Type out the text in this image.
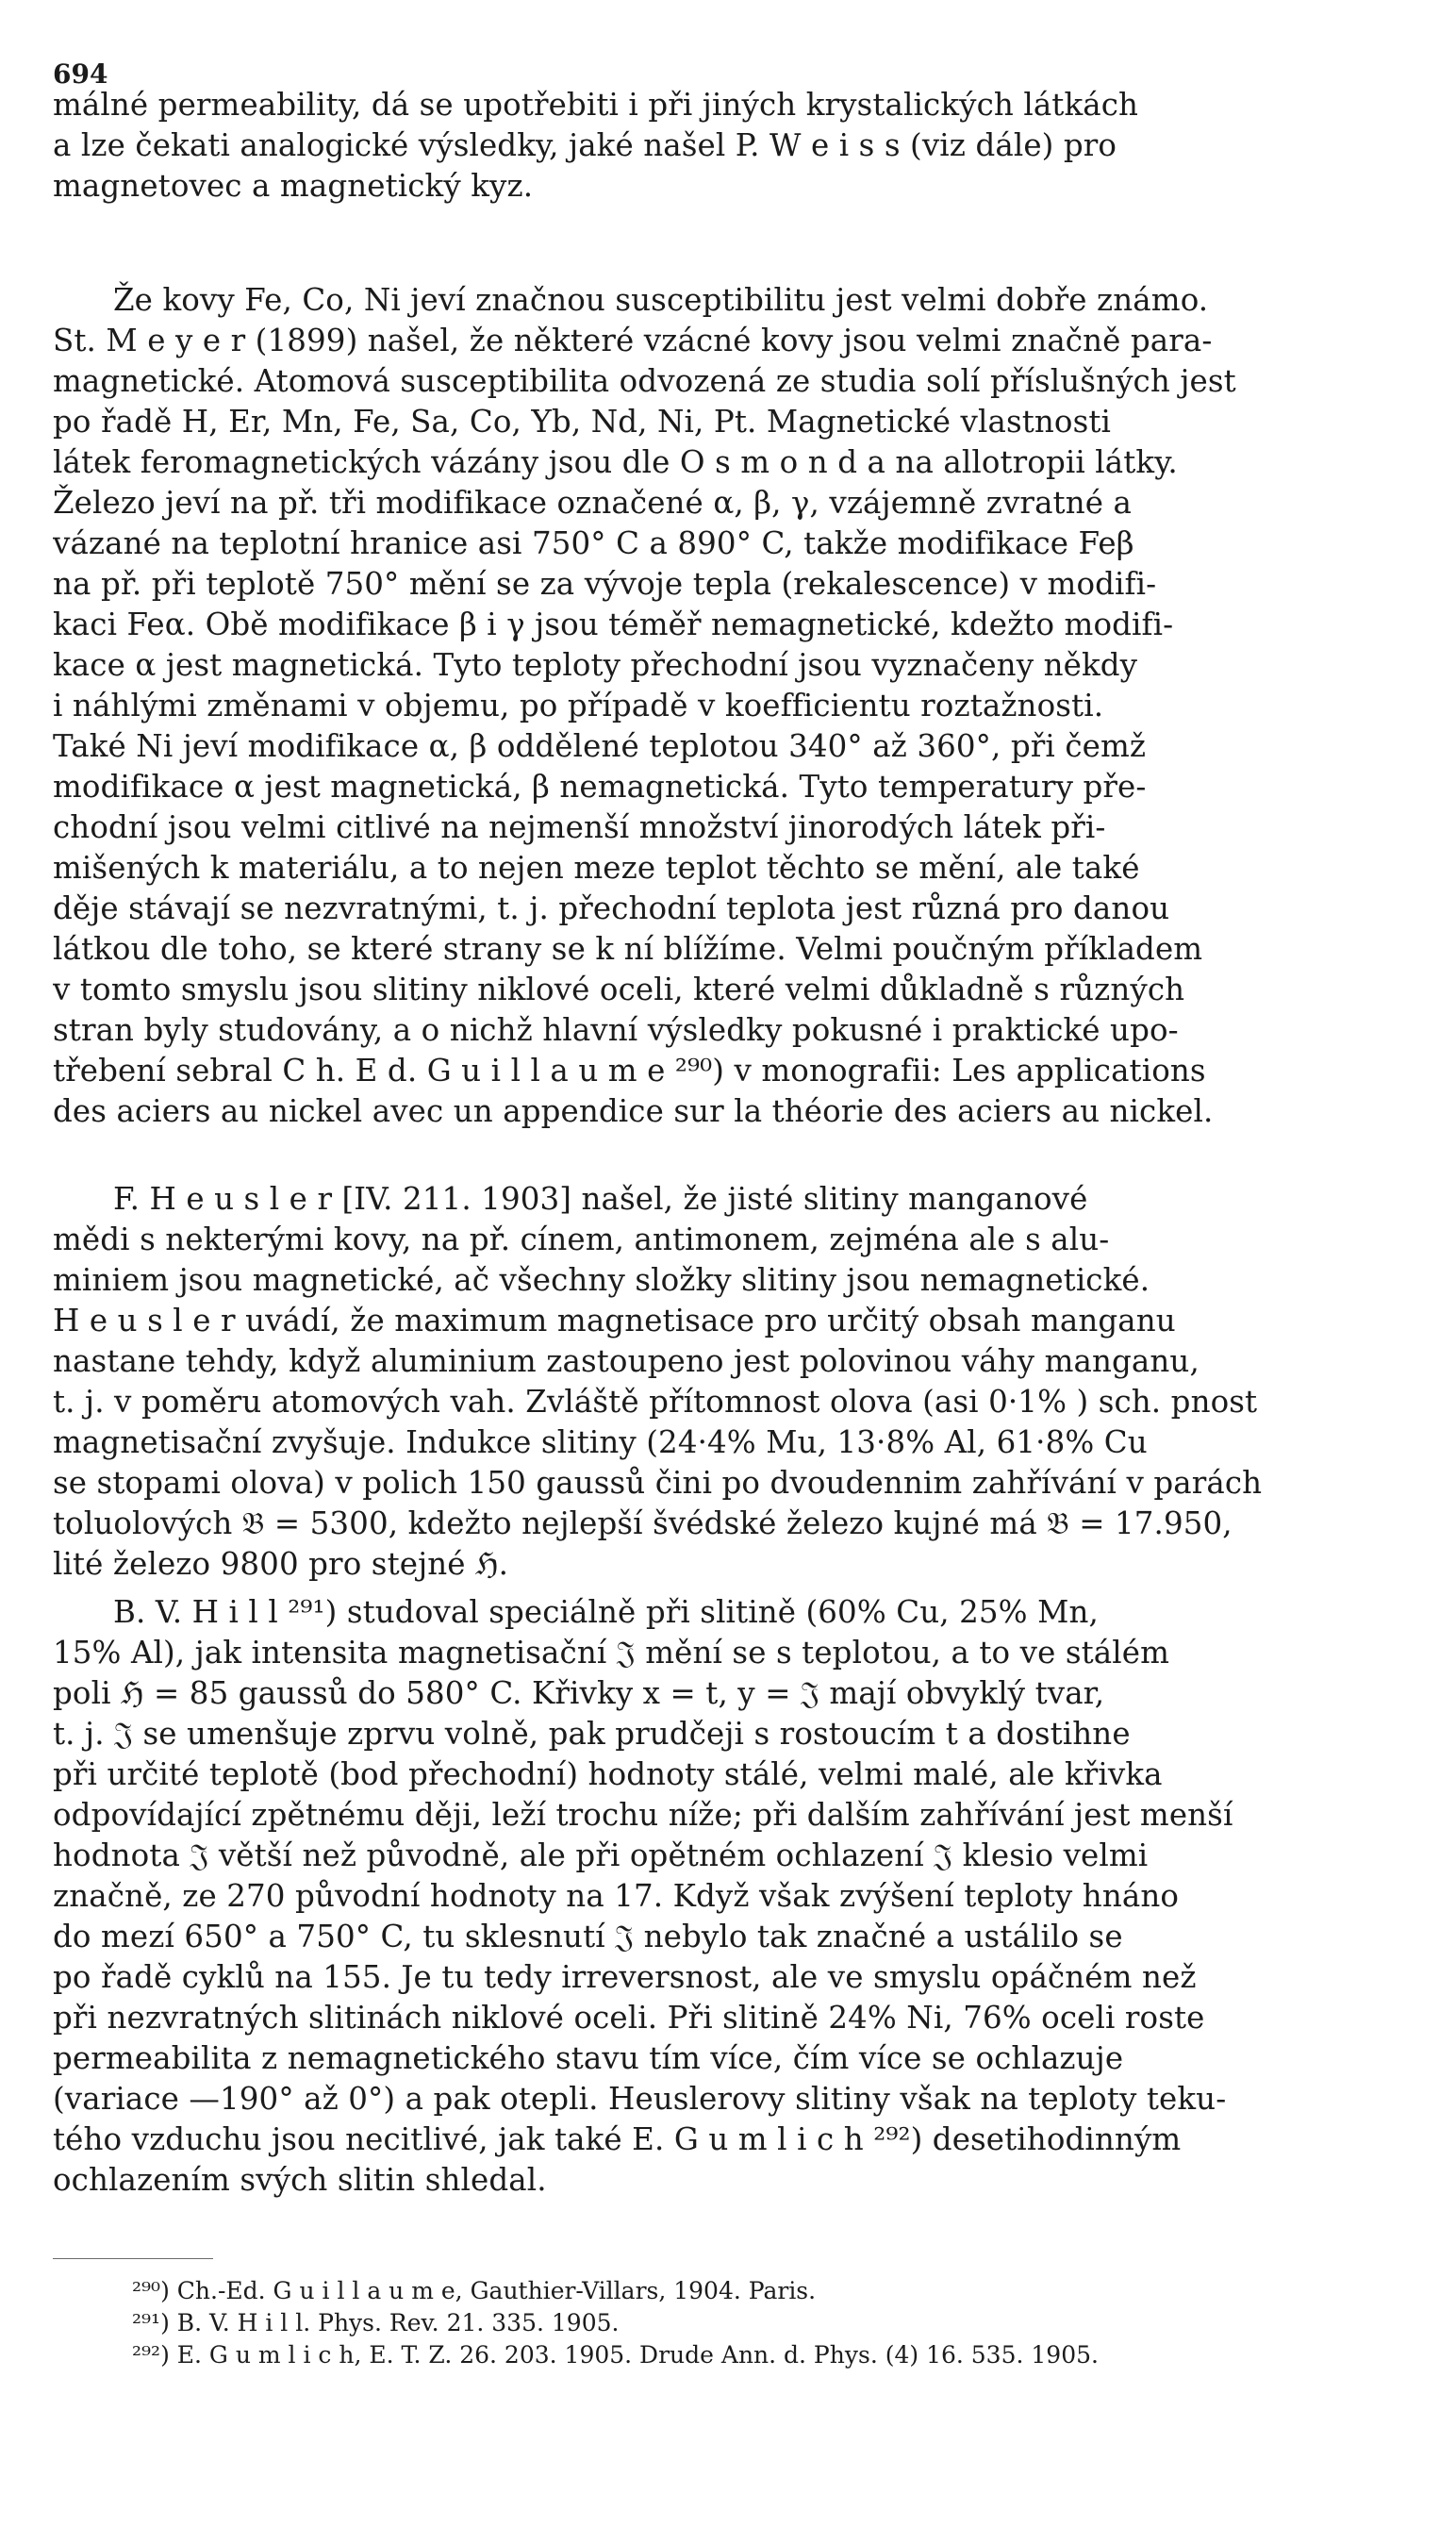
694
málné permeability, dá se upotřebiti i při jiných krystalických látkách
a lze čekati analogické výsledky, jaké našel P. W e i s s (viz dále) pro
magnetovec a magnetický kyz.
Že kovy Fe, Co, Ni jeví značnou susceptibilitu jest velmi dobře známo.
St. M e y e r (1899) našel, že některé vzácné kovy jsou velmi značně para-
magnetické. Atomová susceptibilita odvozená ze studia solí příslušných jest
po řadě H, Er, Mn, Fe, Sa, Co, Yb, Nd, Ni, Pt. Magnetické vlastnosti
látek feromagnetických vázány jsou dle O s m o n d a na allotropii látky.
Železo jeví na př. tři modifikace označené α, β, γ, vzájemně zvratné a
vázané na teplotní hranice asi 750° C a 890° C, takže modifikace Feβ
na př. při teplotě 750° mění se za vývoje tepla (rekalescence) v modifi-
kaci Feα. Obě modifikace β i γ jsou téměř nemagnetické, kdežto modifi-
kace α jest magnetická. Tyto teploty přechodní jsou vyznačeny někdy
i náhlými změnami v objemu, po případě v koefficientu roztažnosti.
Také Ni jeví modifikace α, β oddělené teplotou 340° až 360°, při čemž
modifikace α jest magnetická, β nemagnetická. Tyto temperatury pře-
chodní jsou velmi citlivé na nejmenší množství jinorodých látek při-
mišených k materiálu, a to nejen meze teplot těchto se mění, ale také
děje stávají se nezvratnými, t. j. přechodní teplota jest různá pro danou
látkou dle toho, se které strany se k ní blížíme. Velmi poučným příkladem
v tomto smyslu jsou slitiny niklové oceli, které velmi důkladně s různých
stran byly studovány, a o nichž hlavní výsledky pokusné i praktické upo-
třebení sebral C h. E d. G u i l l a u m e ²⁹⁰) v monografii: Les applications
des aciers au nickel avec un appendice sur la théorie des aciers au nickel.
F. H e u s l e r [IV. 211. 1903] našel, že jisté slitiny manganové
mědi s nekterými kovy, na př. cínem, antimonem, zejména ale s alu-
miniem jsou magnetické, ač všechny složky slitiny jsou nemagnetické.
H e u s l e r uvádí, že maximum magnetisace pro určitý obsah manganu
nastane tehdy, když aluminium zastoupeno jest polovinou váhy manganu,
t. j. v poměru atomových vah. Zvláště přítomnost olova (asi 0·1% ) sch. pnost
magnetisační zvyšuje. Indukce slitiny (24·4% Mu, 13·8% Al, 61·8% Cu
se stopami olova) v polich 150 gaussů čini po dvoudennim zahřívání v parách
toluolových 𝔅 = 5300, kdežto nejlepší švédské železo kujné má 𝔅 = 17.950,
lité železo 9800 pro stejné ℌ.
B. V. H i l l ²⁹¹) studoval speciálně při slitině (60% Cu, 25% Mn,
15% Al), jak intensita magnetisační 𝔍 mění se s teplotou, a to ve stálém
poli ℌ = 85 gaussů do 580° C. Křivky x = t, y = 𝔍 mají obvyklý tvar,
t. j. 𝔍 se umenšuje zprvu volně, pak prudčeji s rostoucím t a dostihne
při určité teplotě (bod přechodní) hodnoty stálé, velmi malé, ale křivka
odpovídající zpětnému ději, leží trochu níže; při dalším zahřívání jest menší
hodnota 𝔍 větší než původně, ale při opětném ochlazení 𝔍 klesio velmi
značně, ze 270 původní hodnoty na 17. Když však zvýšení teploty hnáno
do mezí 650° a 750° C, tu sklesnutí 𝔍 nebylo tak značné a ustálilo se
po řadě cyklů na 155. Je tu tedy irreversnost, ale ve smyslu opáčném než
při nezvratných slitinách niklové oceli. Při slitině 24% Ni, 76% oceli roste
permeabilita z nemagnetického stavu tím více, čím více se ochlazuje
(variace —190° až 0°) a pak otepli. Heuslerovy slitiny však na teploty teku-
tého vzduchu jsou necitlivé, jak také E. G u m l i c h ²⁹²) desetihodinným
ochlazením svých slitin shledal.
²⁹⁰) Ch.-Ed. G u i l l a u m e, Gauthier-Villars, 1904. Paris.
²⁹¹) B. V. H i l l. Phys. Rev. 21. 335. 1905.
²⁹²) E. G u m l i c h, E. T. Z. 26. 203. 1905. Drude Ann. d. Phys. (4) 16. 535. 1905.
